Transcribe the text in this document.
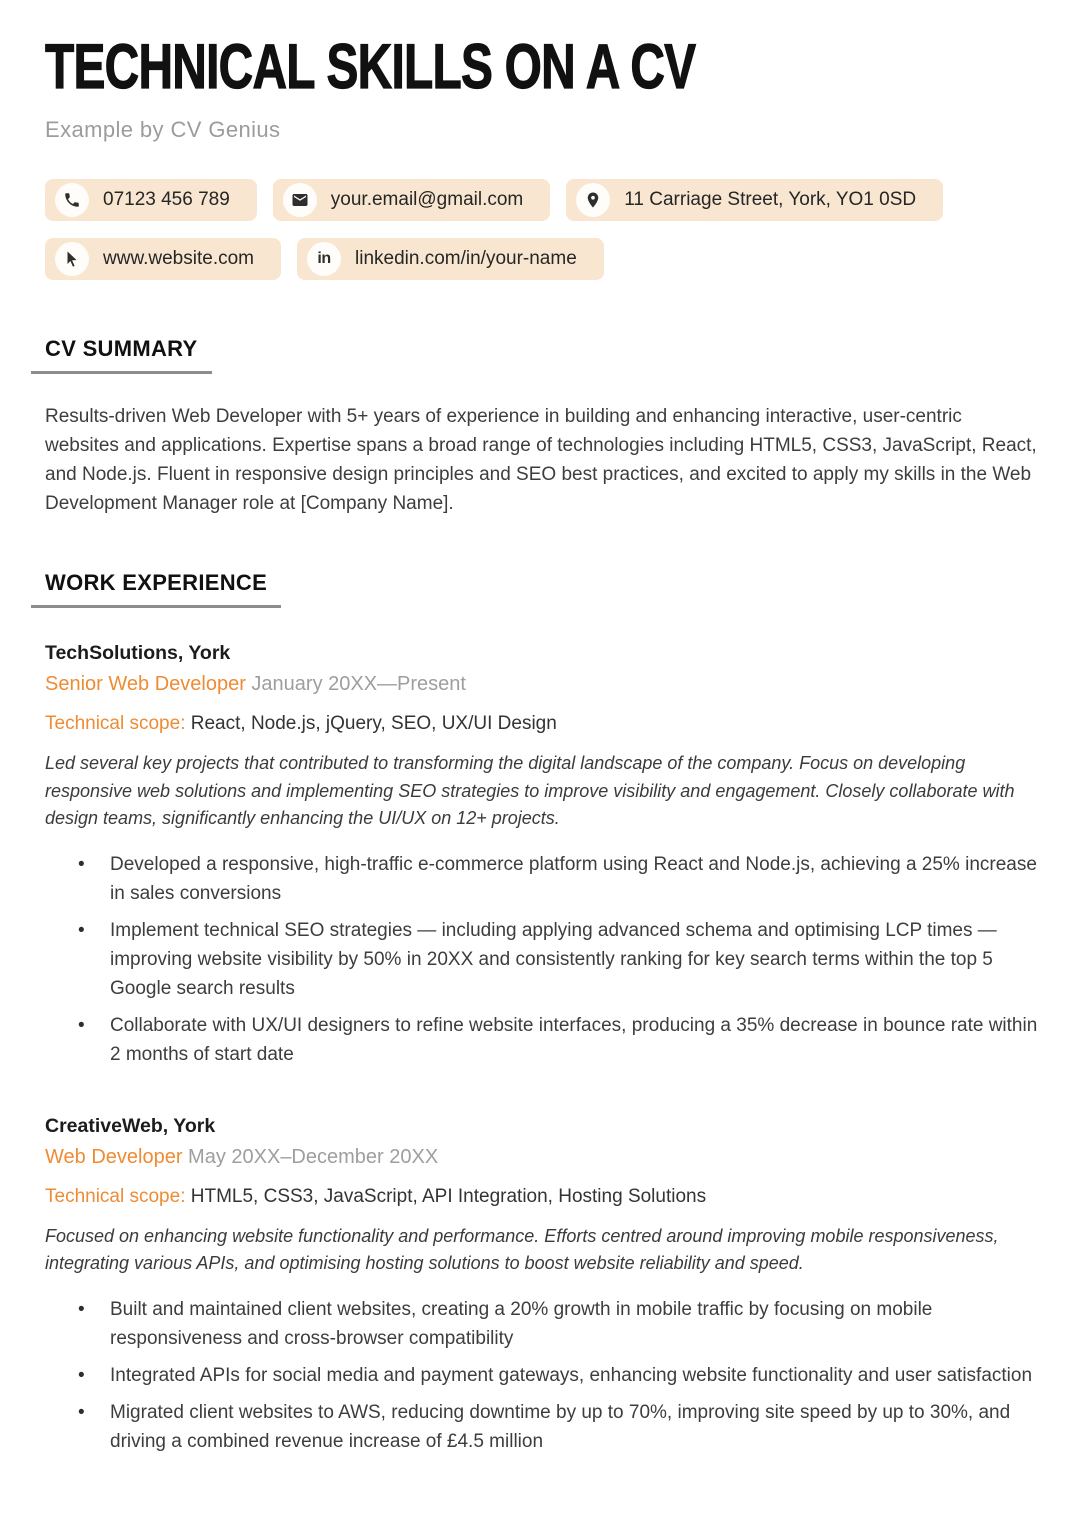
TECHNICAL SKILLS ON A CV
Example by CV Genius
07123 456 789	your.email@gmail.com	11 Carriage Street, York, YO1 0SD
www.website.com	in linkedin.com/in/your-name
CV SUMMARY

Results-driven Web Developer with 5+ years of experience in building and enhancing interactive, user-centric websites and applications. Expertise spans a broad range of technologies including HTML5, CSS3, JavaScript, React, and Node.js. Fluent in responsive design principles and SEO best practices, and excited to apply my skills in the Web Development Manager role at [Company Name].

WORK EXPERIENCE
TechSolutions, York
Senior Web Developer January 20XX—Present
Technical scope: React, Node.js, jQuery, SEO, UX/UI Design

Led several key projects that contributed to transforming the digital landscape of the company. Focus on developing responsive web solutions and implementing SEO strategies to improve visibility and engagement. Closely collaborate with design teams, significantly enhancing the UI/UX on 12+ projects.

• Developed a responsive, high-traffic e-commerce platform using React and Node.js, achieving a 25% increase in sales conversions
• Implement technical SEO strategies — including applying advanced schema and optimising LCP times — improving website visibility by 50% in 20XX and consistently ranking for key search terms within the top 5 Google search results
• Collaborate with UX/UI designers to refine website interfaces, producing a 35% decrease in bounce rate within 2 months of start date
CreativeWeb, York
Web Developer May 20XX–December 20XX
Technical scope: HTML5, CSS3, JavaScript, API Integration, Hosting Solutions

Focused on enhancing website functionality and performance. Efforts centred around improving mobile responsiveness, integrating various APIs, and optimising hosting solutions to boost website reliability and speed.

• Built and maintained client websites, creating a 20% growth in mobile traffic by focusing on mobile responsiveness and cross-browser compatibility
• Integrated APIs for social media and payment gateways, enhancing website functionality and user satisfaction
• Migrated client websites to AWS, reducing downtime by up to 70%, improving site speed by up to 30%, and driving a combined revenue increase of £4.5 million
